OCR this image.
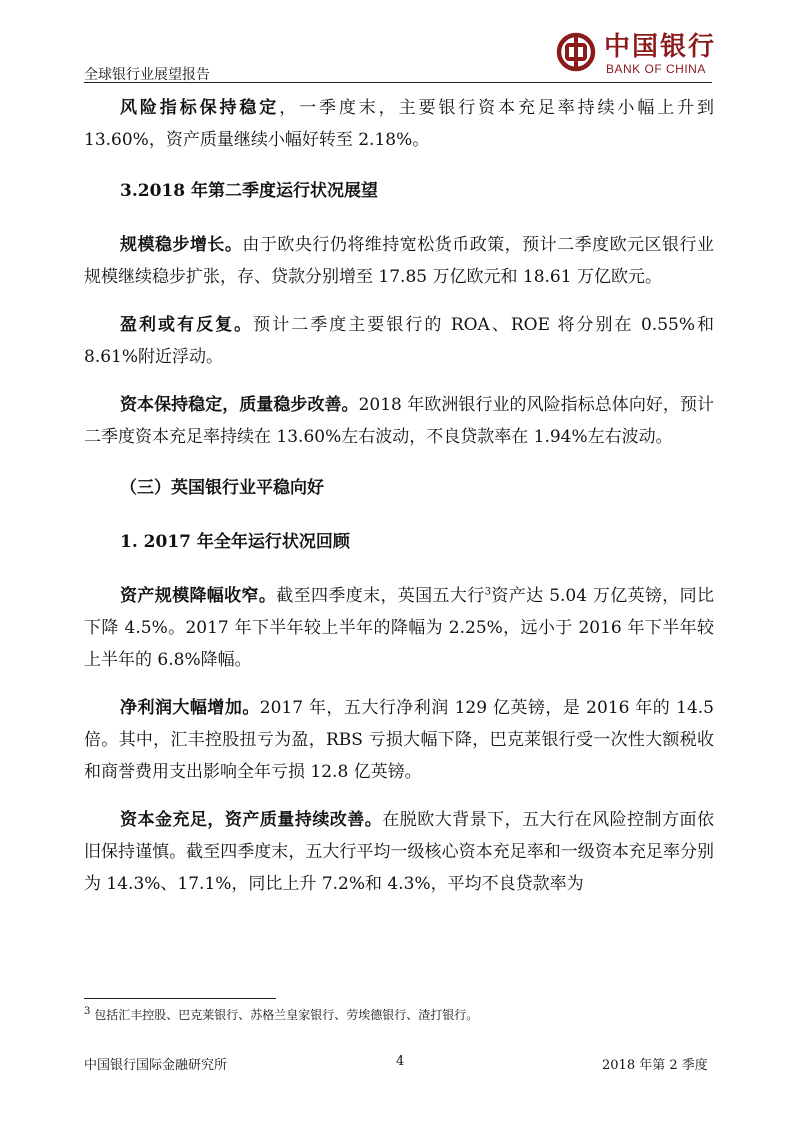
全球银行业展望报告
中国银行
BANK OF CHINA

风险指标保持稳定，一季度末，主要银行资本充足率持续小幅上升到 13.60%，资产质量继续小幅好转至 2.18%。

3.2018 年第二季度运行状况展望

规模稳步增长。由于欧央行仍将维持宽松货币政策，预计二季度欧元区银行业规模继续稳步扩张，存、贷款分别增至 17.85 万亿欧元和 18.61 万亿欧元。

盈利或有反复。预计二季度主要银行的 ROA、ROE 将分别在 0.55%和 8.61%附近浮动。

资本保持稳定，质量稳步改善。2018 年欧洲银行业的风险指标总体向好，预计二季度资本充足率持续在 13.60%左右波动，不良贷款率在 1.94%左右波动。

（三）英国银行业平稳向好

1. 2017 年全年运行状况回顾

资产规模降幅收窄。截至四季度末，英国五大行$^3$资产达 5.04 万亿英镑，同比下降 4.5%。2017 年下半年较上半年的降幅为 2.25%，远小于 2016 年下半年较上半年的 6.8%降幅。

净利润大幅增加。2017 年，五大行净利润 129 亿英镑，是 2016 年的 14.5 倍。其中，汇丰控股扭亏为盈，RBS 亏损大幅下降，巴克莱银行受一次性大额税收和商誉费用支出影响全年亏损 12.8 亿英镑。

资本金充足，资产质量持续改善。在脱欧大背景下，五大行在风险控制方面依旧保持谨慎。截至四季度末，五大行平均一级核心资本充足率和一级资本充足率分别为 14.3%、17.1%，同比上升 7.2%和 4.3%，平均不良贷款率为

$^3$ 包括汇丰控股、巴克莱银行、苏格兰皇家银行、劳埃德银行、渣打银行。
中国银行国际金融研究所	4	2018 年第 2 季度
